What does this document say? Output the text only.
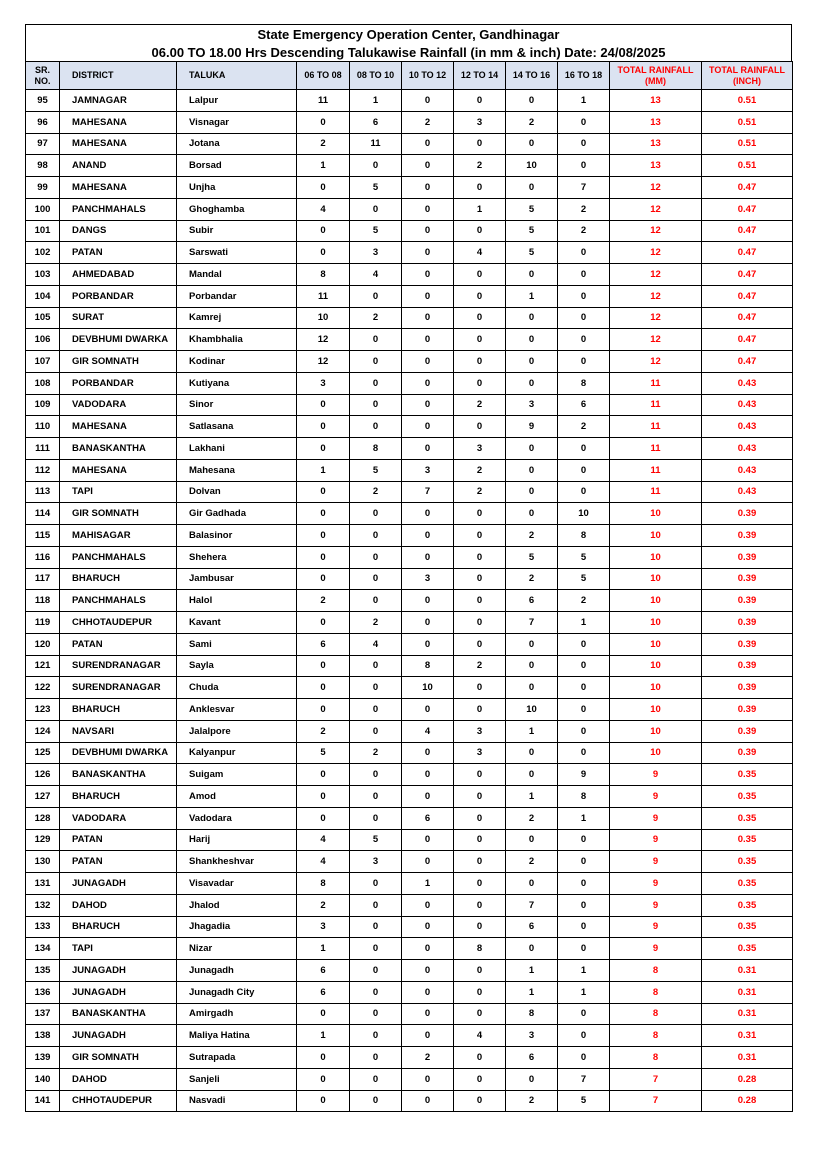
State Emergency Operation Center, Gandhinagar
06.00 TO 18.00 Hrs Descending Talukawise Rainfall (in mm & inch) Date: 24/08/2025
SR. NO.	DISTRICT	TALUKA	06 TO 08	08 TO 10	10 TO 12	12 TO 14	14 TO 16	16 TO 18	TOTAL RAINFALL (MM)	TOTAL RAINFALL (INCH)
95	JAMNAGAR	Lalpur	11	1	0	0	0	1	13	0.51
96	MAHESANA	Visnagar	0	6	2	3	2	0	13	0.51
97	MAHESANA	Jotana	2	11	0	0	0	0	13	0.51
98	ANAND	Borsad	1	0	0	2	10	0	13	0.51
99	MAHESANA	Unjha	0	5	0	0	0	7	12	0.47
100	PANCHMAHALS	Ghoghamba	4	0	0	1	5	2	12	0.47
101	DANGS	Subir	0	5	0	0	5	2	12	0.47
102	PATAN	Sarswati	0	3	0	4	5	0	12	0.47
103	AHMEDABAD	Mandal	8	4	0	0	0	0	12	0.47
104	PORBANDAR	Porbandar	11	0	0	0	1	0	12	0.47
105	SURAT	Kamrej	10	2	0	0	0	0	12	0.47
106	DEVBHUMI DWARKA	Khambhalia	12	0	0	0	0	0	12	0.47
107	GIR SOMNATH	Kodinar	12	0	0	0	0	0	12	0.47
108	PORBANDAR	Kutiyana	3	0	0	0	0	8	11	0.43
109	VADODARA	Sinor	0	0	0	2	3	6	11	0.43
110	MAHESANA	Satlasana	0	0	0	0	9	2	11	0.43
111	BANASKANTHA	Lakhani	0	8	0	3	0	0	11	0.43
112	MAHESANA	Mahesana	1	5	3	2	0	0	11	0.43
113	TAPI	Dolvan	0	2	7	2	0	0	11	0.43
114	GIR SOMNATH	Gir Gadhada	0	0	0	0	0	10	10	0.39
115	MAHISAGAR	Balasinor	0	0	0	0	2	8	10	0.39
116	PANCHMAHALS	Shehera	0	0	0	0	5	5	10	0.39
117	BHARUCH	Jambusar	0	0	3	0	2	5	10	0.39
118	PANCHMAHALS	Halol	2	0	0	0	6	2	10	0.39
119	CHHOTAUDEPUR	Kavant	0	2	0	0	7	1	10	0.39
120	PATAN	Sami	6	4	0	0	0	0	10	0.39
121	SURENDRANAGAR	Sayla	0	0	8	2	0	0	10	0.39
122	SURENDRANAGAR	Chuda	0	0	10	0	0	0	10	0.39
123	BHARUCH	Anklesvar	0	0	0	0	10	0	10	0.39
124	NAVSARI	Jalalpore	2	0	4	3	1	0	10	0.39
125	DEVBHUMI DWARKA	Kalyanpur	5	2	0	3	0	0	10	0.39
126	BANASKANTHA	Suigam	0	0	0	0	0	9	9	0.35
127	BHARUCH	Amod	0	0	0	0	1	8	9	0.35
128	VADODARA	Vadodara	0	0	6	0	2	1	9	0.35
129	PATAN	Harij	4	5	0	0	0	0	9	0.35
130	PATAN	Shankheshvar	4	3	0	0	2	0	9	0.35
131	JUNAGADH	Visavadar	8	0	1	0	0	0	9	0.35
132	DAHOD	Jhalod	2	0	0	0	7	0	9	0.35
133	BHARUCH	Jhagadia	3	0	0	0	6	0	9	0.35
134	TAPI	Nizar	1	0	0	8	0	0	9	0.35
135	JUNAGADH	Junagadh	6	0	0	0	1	1	8	0.31
136	JUNAGADH	Junagadh City	6	0	0	0	1	1	8	0.31
137	BANASKANTHA	Amirgadh	0	0	0	0	8	0	8	0.31
138	JUNAGADH	Maliya Hatina	1	0	0	4	3	0	8	0.31
139	GIR SOMNATH	Sutrapada	0	0	2	0	6	0	8	0.31
140	DAHOD	Sanjeli	0	0	0	0	0	7	7	0.28
141	CHHOTAUDEPUR	Nasvadi	0	0	0	0	2	5	7	0.28
